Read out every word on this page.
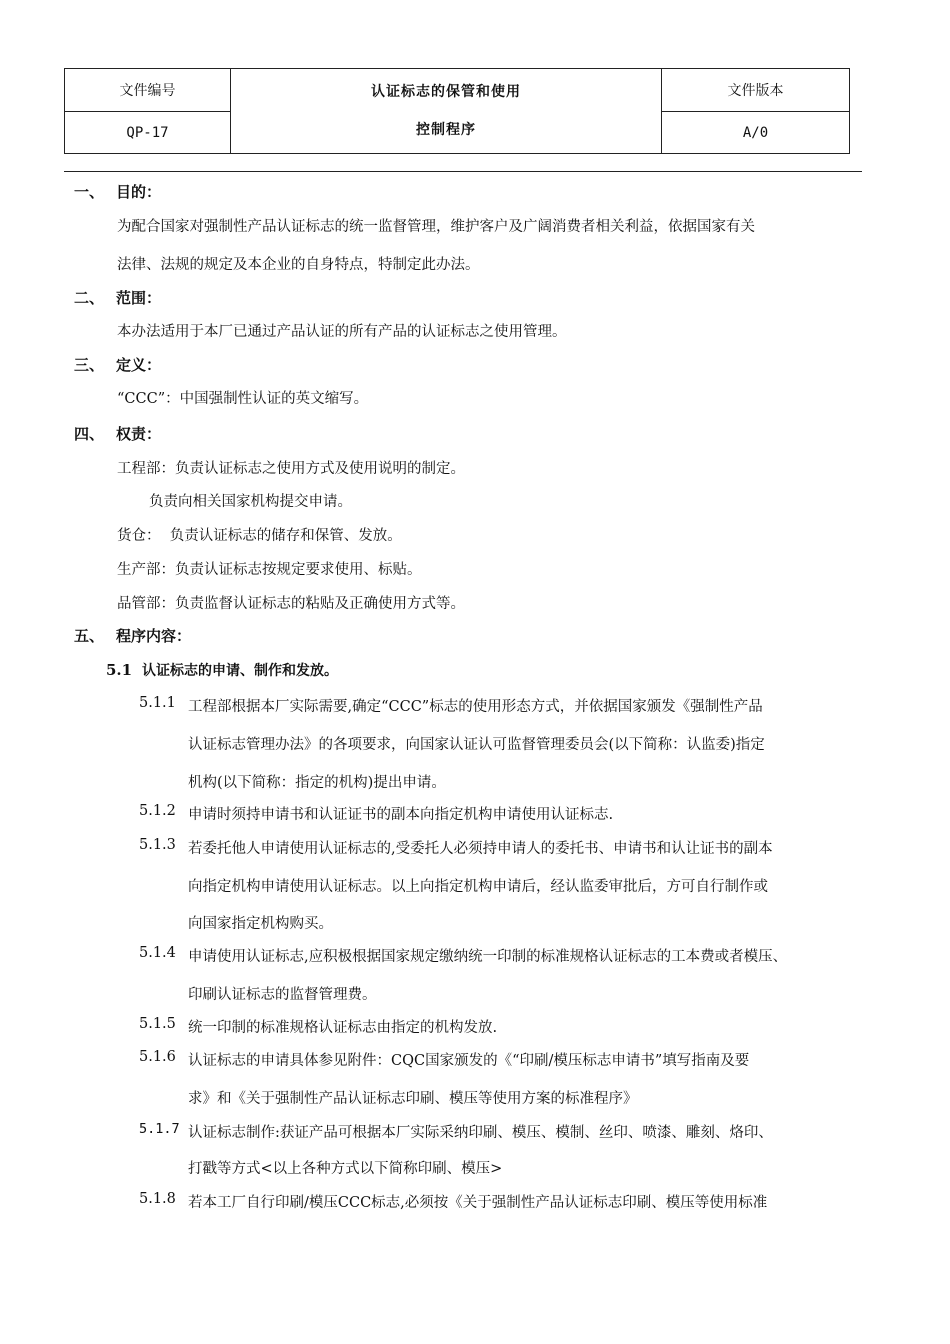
文件编号
QP-17
认证标志的保管和使用
控制程序
文件版本
A/0
一、 目的：
为配合国家对强制性产品认证标志的统一监督管理，维护客户及广阔消费者相关利益，依据国家有关
法律、法规的规定及本企业的自身特点，特制定此办法。
二、 范围：
本办法适用于本厂已通过产品认证的所有产品的认证标志之使用管理。
三、 定义：
“CCC”：中国强制性认证的英文缩写。
四、 权责：
工程部：负责认证标志之使用方式及使用说明的制定。
负责向相关国家机构提交申请。
货仓：  负责认证标志的储存和保管、发放。
生产部：负责认证标志按规定要求使用、标贴。
品管部：负责监督认证标志的粘贴及正确使用方式等。
五、 程序内容：
5.1 认证标志的申请、制作和发放。
5.1.1 工程部根据本厂实际需要,确定“CCC”标志的使用形态方式，并依据国家颁发《强制性产品
认证标志管理办法》的各项要求，向国家认证认可监督管理委员会(以下简称：认监委)指定
机构(以下简称：指定的机构)提出申请。
5.1.2 申请时须持申请书和认证证书的副本向指定机构申请使用认证标志.
5.1.3 若委托他人申请使用认证标志的,受委托人必须持申请人的委托书、申请书和认让证书的副本
向指定机构申请使用认证标志。以上向指定机构申请后，经认监委审批后，方可自行制作或
向国家指定机构购买。
5.1.4 申请使用认证标志,应积极根据国家规定缴纳统一印制的标准规格认证标志的工本费或者模压、
印刷认证标志的监督管理费。
5.1.5 统一印制的标准规格认证标志由指定的机构发放.
5.1.6 认证标志的申请具体参见附件：CQC国家颁发的《“印刷/模压标志申请书”填写指南及要
求》和《关于强制性产品认证标志印刷、模压等使用方案的标准程序》
5.1.7 认证标志制作:获证产品可根据本厂实际采纳印刷、模压、模制、丝印、喷漆、雕刻、烙印、
打戳等方式<以上各种方式以下简称印刷、模压>
5.1.8 若本工厂自行印刷/模压CCC标志,必须按《关于强制性产品认证标志印刷、模压等使用标准
